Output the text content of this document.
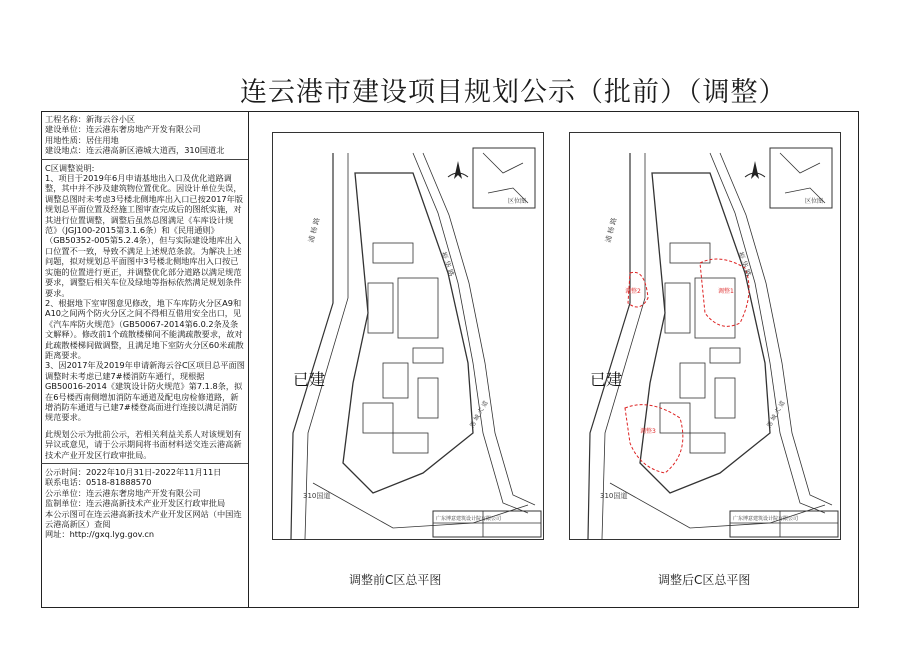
连云港市建设项目规划公示（批前）（调整）

工程名称：新海云谷小区

建设单位：连云港东奢房地产开发有限公司

用地性质：居住用地

建设地点：连云港高新区港城大道西，310国道北

C区调整说明:

1、项目于2019年6月申请基地出入口及优化道路调整，其中并不涉及建筑物位置优化。因设计单位失误，调整总图时未考虑3号楼北侧地库出入口已按2017年版规划总平面位置及经施工图审查完成后的图纸实施，对其进行位置调整，调整后虽然总图满足《车库设计规范》（JGJ100-2015第3.1.6条）和《民用通则》（GB50352-005第5.2.4条），但与实际建设地库出入口位置不一致，导致不满足上述规范条款。为解决上述问题，拟对规划总平面图中3号楼北侧地库出入口按已实施的位置进行更正，并调整优化部分道路以满足规范要求，调整后相关车位及绿地等指标依然满足规划条件要求。

2、根据地下室审图意见修改，地下车库防火分区A9和A10之间两个防火分区之间不得相互借用安全出口，见《汽车库防火规范》（GB50067-2014第6.0.2条及条文解释）。修改前1个疏散楼梯间不能满疏散要求，故对此疏散楼梯间做调整，且满足地下室防火分区60米疏散距离要求。

3、因2017年及2019年申请新海云谷C区项目总平面图调整时未考虑已建7#楼消防车通行，现根据GB50016-2014《建筑设计防火规范》第7.1.8条，拟在6号楼西南侧增加消防车通道及配电房检修道路，新增消防车通道与已建7#楼登高面进行连接以满足消防规范要求。

此规划公示为批前公示，若相关利益关系人对该规划有异议或意见，请于公示期间将书面材料送交连云港高新技术产业开发区行政审批局。

公示时间：2022年10月31日-2022年11月11日

联系电话：0518-81888570

公示单位：连云港东奢房地产开发有限公司

监制单位：连云港高新技术产业开发区行政审批局

本公示图可在连云港高新技术产业开发区网站（中国连云港高新区）查阅

网址：http://gxq.lyg.gov.cn

已建
浦 杨 路
振 华 路
310国道
港 城 大 道
区位图
广东博意建筑设计院有限公司
调整前C区总平图
已建
浦 杨 路
振 华 路
310国道
港 城 大 道
区位图
广东博意建筑设计院有限公司
调整1
调整2
调整3
调整后C区总平图
